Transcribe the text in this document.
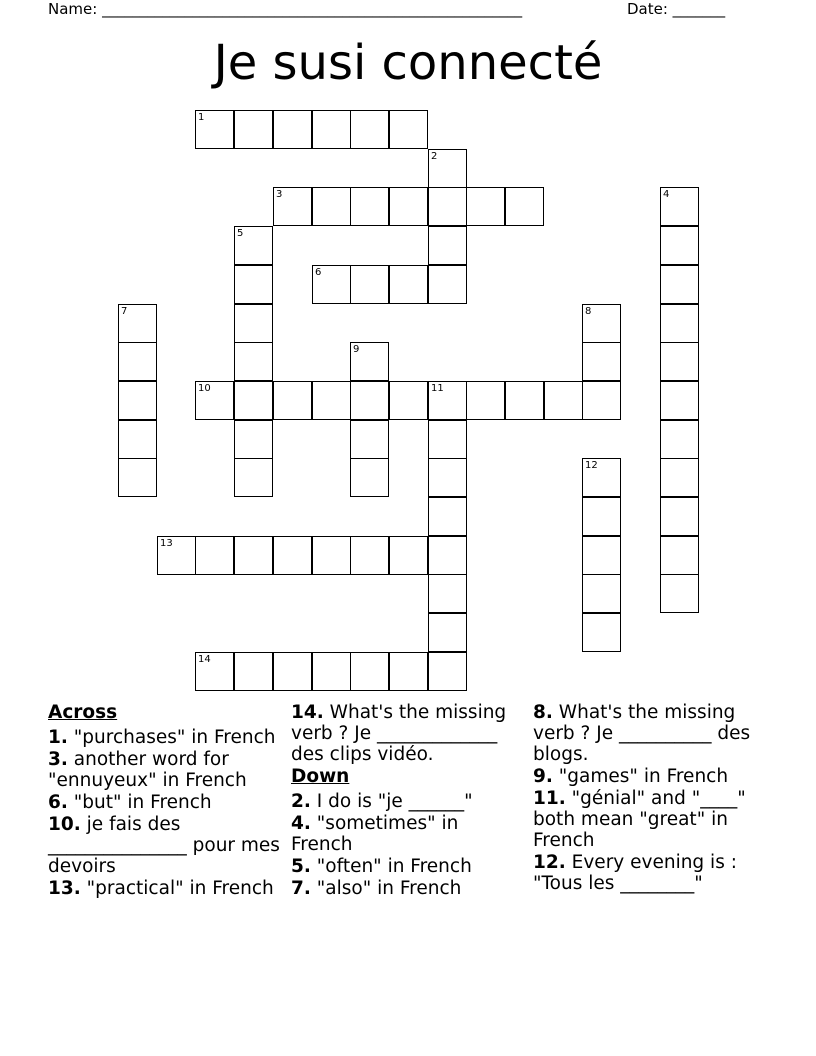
Name: ________________________________________________________	Date: _______
Je susi connecté
1
2
3	4
5
6
7	8
9
10	11
12
13
14
Across
1. "purchases" in French
3. another word for "ennuyeux" in French
6. "but" in French
10. je fais des _______________ pour mes devoirs
13. "practical" in French
14. What's the missing verb ? Je _____________ des clips vidéo.
Down
2. I do is "je ______"
4. "sometimes" in French
5. "often" in French
7. "also" in French
8. What's the missing verb ? Je __________ des blogs.
9. "games" in French
11. "génial" and "____" both mean "great" in French
12. Every evening is : "Tous les ________"
